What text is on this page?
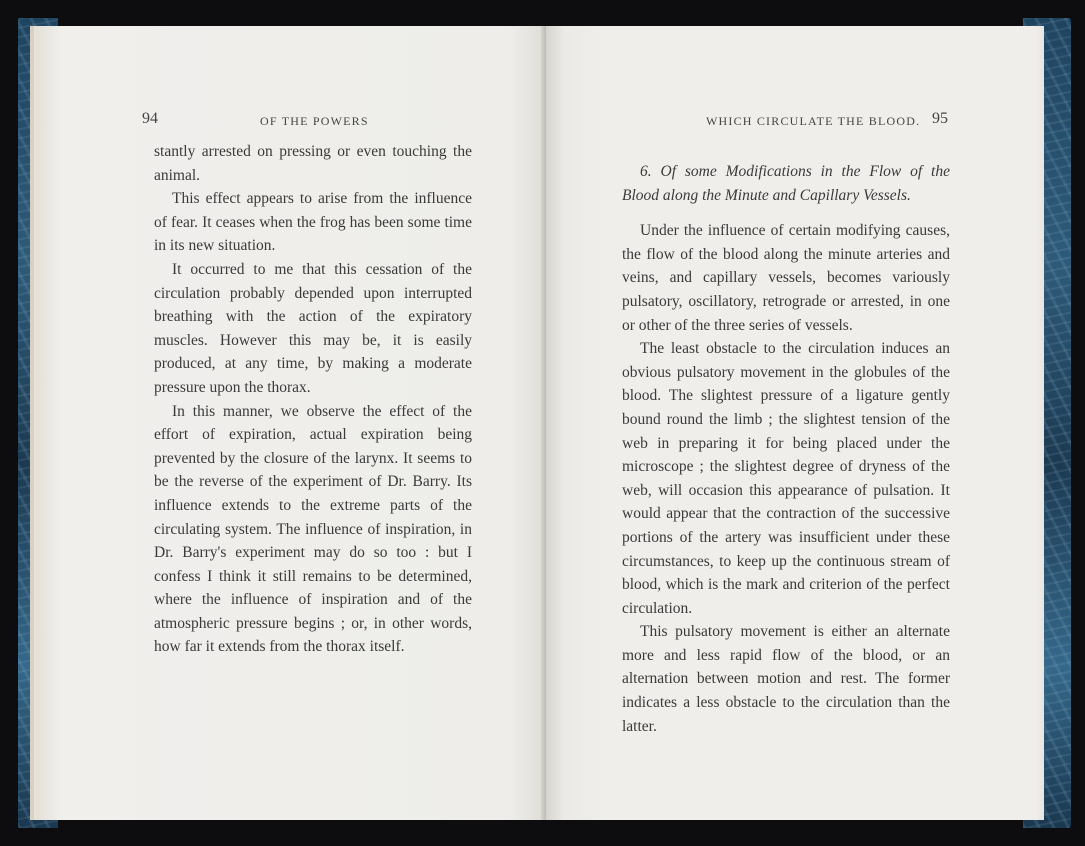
94	OF THE POWERS

stantly arrested on pressing or even touching the animal.

This effect appears to arise from the influence of fear. It ceases when the frog has been some time in its new situation.

It occurred to me that this cessation of the circulation probably depended upon interrupted breathing with the action of the expiratory muscles. However this may be, it is easily produced, at any time, by making a moderate pressure upon the thorax.

In this manner, we observe the effect of the effort of expiration, actual expiration being prevented by the closure of the larynx. It seems to be the reverse of the experiment of Dr. Barry. Its influence extends to the extreme parts of the circulating system. The influence of inspiration, in Dr. Barry's experiment may do so too : but I confess I think it still remains to be determined, where the influence of inspiration and of the atmospheric pressure begins ; or, in other words, how far it extends from the thorax itself.

WHICH CIRCULATE THE BLOOD. 95

6. Of some Modifications in the Flow of the Blood along the Minute and Capillary Vessels.

Under the influence of certain modifying causes, the flow of the blood along the minute arteries and veins, and capillary vessels, becomes variously pulsatory, oscillatory, retrograde or arrested, in one or other of the three series of vessels.

The least obstacle to the circulation induces an obvious pulsatory movement in the globules of the blood. The slightest pressure of a ligature gently bound round the limb ; the slightest tension of the web in preparing it for being placed under the microscope ; the slightest degree of dryness of the web, will occasion this appearance of pulsation. It would appear that the contraction of the successive portions of the artery was insufficient under these circumstances, to keep up the continuous stream of blood, which is the mark and criterion of the perfect circulation.

This pulsatory movement is either an alternate more and less rapid flow of the blood, or an alternation between motion and rest. The former indicates a less obstacle to the circulation than the latter.
